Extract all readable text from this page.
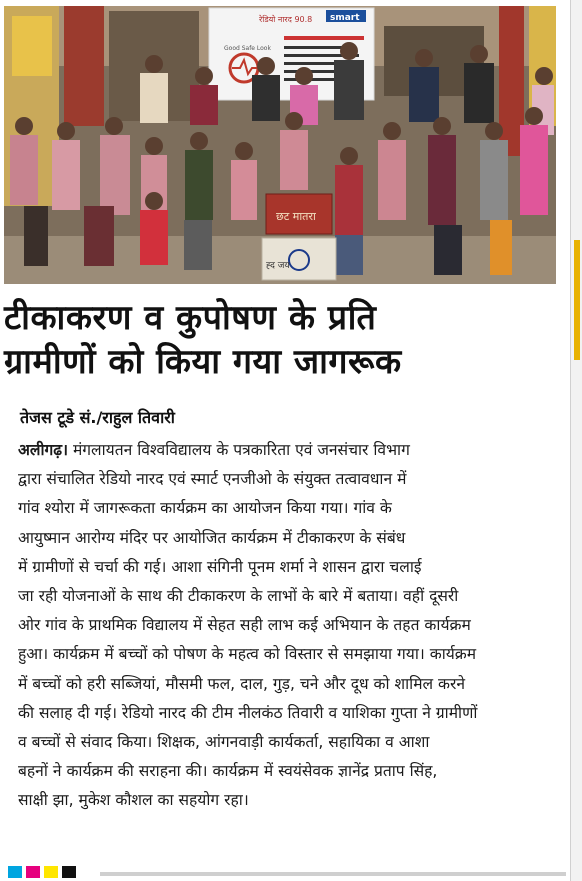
रेडियो नारद 90.8 smart
Good Safe Look
छट मातरा
ह्द जय
टीकाकरण व कुपोषण के प्रति
ग्रामीणों को किया गया जागरूक
तेजस टूडे सं./राहुल तिवारी
अलीगढ़। मंगलायतन विश्वविद्यालय के पत्रकारिता एवं जनसंचार विभाग
द्वारा संचालित रेडियो नारद एवं स्मार्ट एनजीओ के संयुक्त तत्वावधान में
गांव श्योरा में जागरूकता कार्यक्रम का आयोजन किया गया। गांव के
आयुष्मान आरोग्य मंदिर पर आयोजित कार्यक्रम में टीकाकरण के संबंध
में ग्रामीणों से चर्चा की गई। आशा संगिनी पूनम शर्मा ने शासन द्वारा चलाई
जा रही योजनाओं के साथ की टीकाकरण के लाभों के बारे में बताया। वहीं दूसरी
ओर गांव के प्राथमिक विद्यालय में सेहत सही लाभ कई अभियान के तहत कार्यक्रम
हुआ। कार्यक्रम में बच्चों को पोषण के महत्व को विस्तार से समझाया गया। कार्यक्रम
में बच्चों को हरी सब्जियां, मौसमी फल, दाल, गुड़, चने और दूध को शामिल करने
की सलाह दी गई। रेडियो नारद की टीम नीलकंठ तिवारी व याशिका गुप्ता ने ग्रामीणों
व बच्चों से संवाद किया। शिक्षक, आंगनवाड़ी कार्यकर्ता, सहायिका व आशा
बहनों ने कार्यक्रम की सराहना की। कार्यक्रम में स्वयंसेवक ज्ञानेंद्र प्रताप सिंह,
साक्षी झा, मुकेश कौशल का सहयोग रहा।
